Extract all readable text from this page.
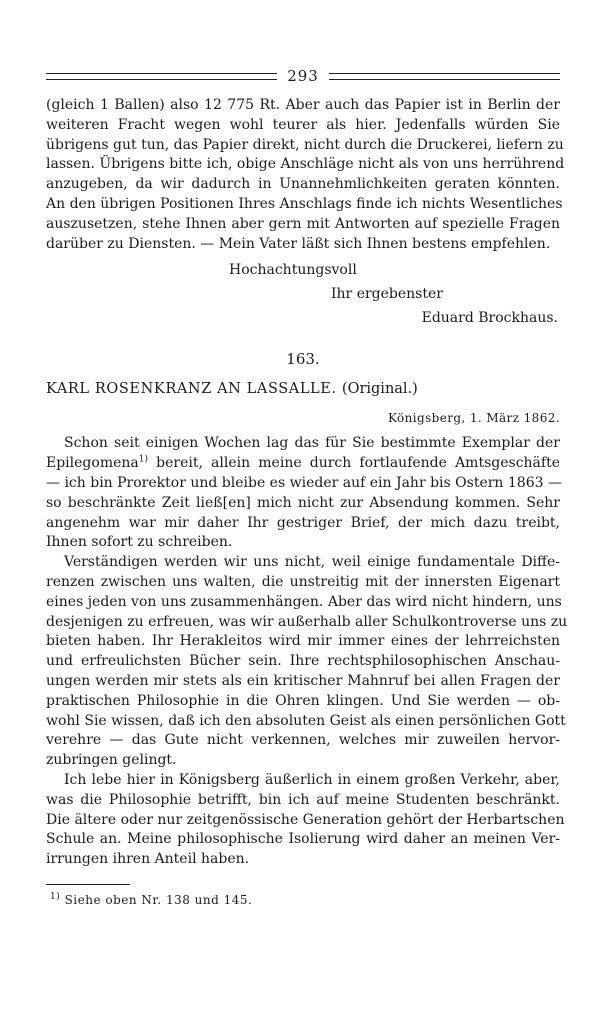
293
(gleich 1 Ballen) also 12 775 Rt. Aber auch das Papier ist in Berlin der
weiteren Fracht wegen wohl teurer als hier. Jedenfalls würden Sie
übrigens gut tun, das Papier direkt, nicht durch die Druckerei, liefern zu
lassen. Übrigens bitte ich, obige Anschläge nicht als von uns herrührend
anzugeben, da wir dadurch in Unannehmlichkeiten geraten könnten.
An den übrigen Positionen Ihres Anschlags finde ich nichts Wesentliches
auszusetzen, stehe Ihnen aber gern mit Antworten auf spezielle Fragen
darüber zu Diensten. — Mein Vater läßt sich Ihnen bestens empfehlen.
Hochachtungsvoll
Ihr ergebenster
Eduard Brockhaus.
163.
KARL ROSENKRANZ AN LASSALLE. (Original.)
Königsberg, 1. März 1862.
Schon seit einigen Wochen lag das für Sie bestimmte Exemplar der
Epilegomena$^{1)}$ bereit, allein meine durch fortlaufende Amtsgeschäfte
— ich bin Prorektor und bleibe es wieder auf ein Jahr bis Ostern 1863 —
so beschränkte Zeit ließ[en] mich nicht zur Absendung kommen. Sehr
angenehm war mir daher Ihr gestriger Brief, der mich dazu treibt,
Ihnen sofort zu schreiben.
Verständigen werden wir uns nicht, weil einige fundamentale Diffe-
renzen zwischen uns walten, die unstreitig mit der innersten Eigenart
eines jeden von uns zusammenhängen. Aber das wird nicht hindern, uns
desjenigen zu erfreuen, was wir außerhalb aller Schulkontroverse uns zu
bieten haben. Ihr Herakleitos wird mir immer eines der lehrreichsten
und erfreulichsten Bücher sein. Ihre rechtsphilosophischen Anschau-
ungen werden mir stets als ein kritischer Mahnruf bei allen Fragen der
praktischen Philosophie in die Ohren klingen. Und Sie werden — ob-
wohl Sie wissen, daß ich den absoluten Geist als einen persönlichen Gott
verehre — das Gute nicht verkennen, welches mir zuweilen hervor-
zubringen gelingt.
Ich lebe hier in Königsberg äußerlich in einem großen Verkehr, aber,
was die Philosophie betrifft, bin ich auf meine Studenten beschränkt.
Die ältere oder nur zeitgenössische Generation gehört der Herbartschen
Schule an. Meine philosophische Isolierung wird daher an meinen Ver-
irrungen ihren Anteil haben.
$^{1)}$ Siehe oben Nr. 138 und 145.
